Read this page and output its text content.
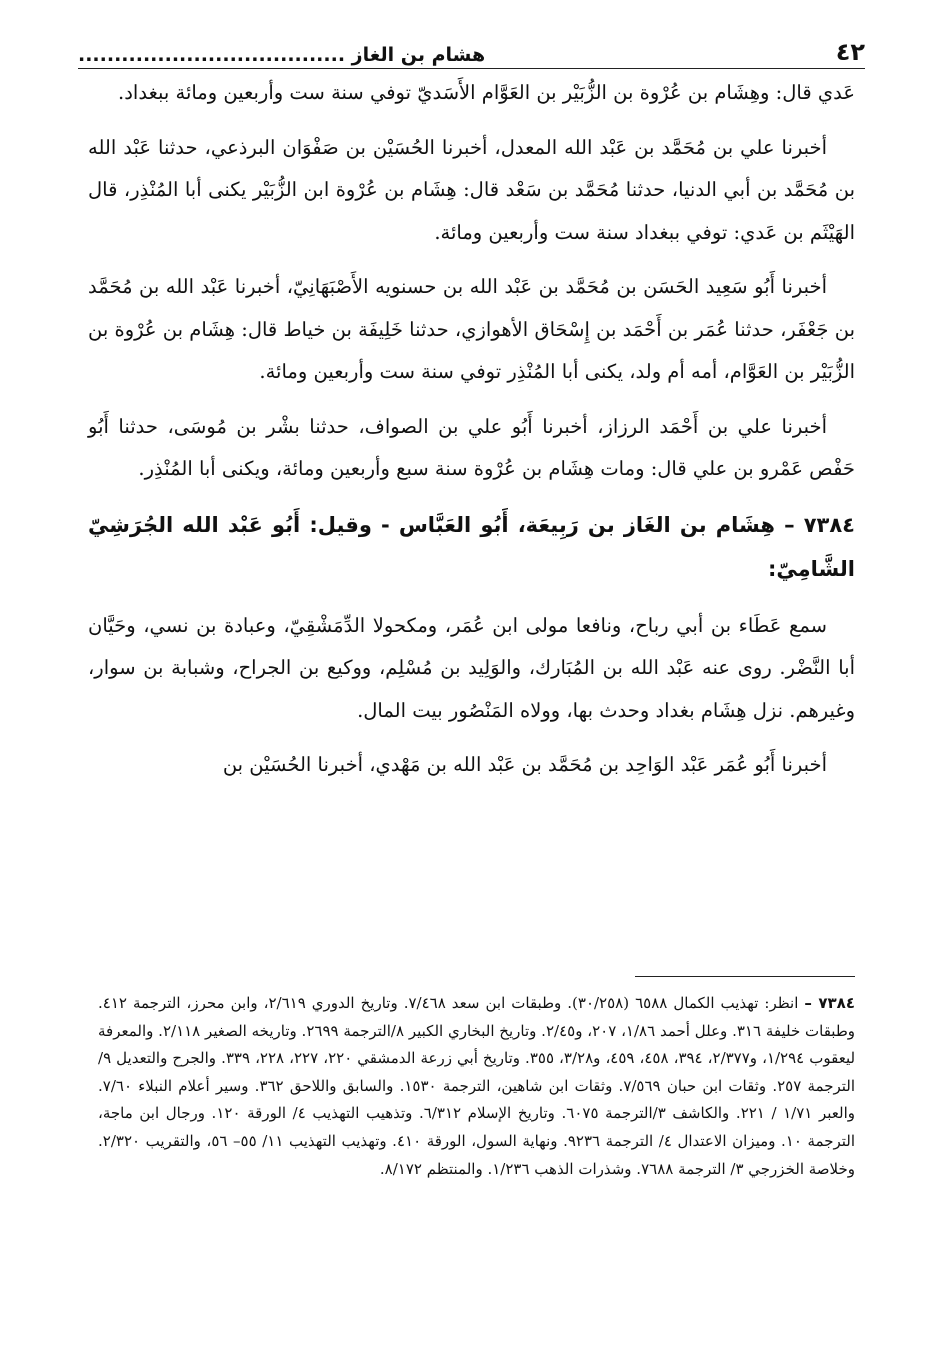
٤٢
هشام بن الغاز .....................................

عَدي قال: وهِشَام بن عُرْوة بن الزُّبَيْر بن العَوَّام الأَسَديّ توفي سنة ست وأربعين ومائة ببغداد.

أخبرنا علي بن مُحَمَّد بن عَبْد الله المعدل، أخبرنا الحُسَيْن بن صَفْوَان البرذعي، حدثنا عَبْد الله بن مُحَمَّد بن أبي الدنيا، حدثنا مُحَمَّد بن سَعْد قال: هِشَام بن عُرْوة ابن الزُّبَيْر يكنى أبا المُنْذِر، قال الهَيْثَم بن عَدي: توفي ببغداد سنة ست وأربعين ومائة.

أخبرنا أَبُو سَعِيد الحَسَن بن مُحَمَّد بن عَبْد الله بن حسنويه الأَصْبَهَانِيّ، أخبرنا عَبْد الله بن مُحَمَّد بن جَعْفَر، حدثنا عُمَر بن أَحْمَد بن إِسْحَاق الأهوازي، حدثنا خَلِيفَة بن خياط قال: هِشَام بن عُرْوة بن الزُّبَيْر بن العَوَّام، أمه أم ولد، يكنى أبا المُنْذِر توفي سنة ست وأربعين ومائة.

أخبرنا علي بن أَحْمَد الرزاز، أخبرنا أَبُو علي بن الصواف، حدثنا بشْر بن مُوسَى، حدثنا أَبُو حَفْص عَمْرو بن علي قال: ومات هِشَام بن عُرْوة سنة سبع وأربعين ومائة، ويكنى أبا المُنْذِر.

٧٣٨٤ – هِشَام بن الغَاز بن رَبِيعَة، أَبُو العَبَّاس - وقيل: أَبُو عَبْد الله الجُرَشِيّ الشَّامِيّ:

سمع عَطَاء بن أبي رباح، ونافعا مولى ابن عُمَر، ومكحولا الدِّمَشْقِيّ، وعبادة بن نسي، وحَيَّان أبا النَّضْر. روى عنه عَبْد الله بن المُبَارك، والوَلِيد بن مُسْلِم، ووكيع بن الجراح، وشبابة بن سوار، وغيرهم. نزل هِشَام بغداد وحدث بها، وولاه المَنْصُور بيت المال.

أخبرنا أَبُو عُمَر عَبْد الوَاحِد بن مُحَمَّد بن عَبْد الله بن مَهْدي، أخبرنا الحُسَيْن بن

٧٣٨٤ – انظر: تهذيب الكمال ٦٥٨٨ (٣٠/٢٥٨). وطبقات ابن سعد ٧/٤٦٨. وتاريخ الدوري ٢/٦١٩، وابن محرز، الترجمة ٤١٢. وطبقات خليفة ٣١٦. وعلل أحمد ١/٨٦، ٢٠٧، و٢/٤٥. وتاريخ البخاري الكبير ٨/الترجمة ٢٦٩٩. وتاريخه الصغير ٢/١١٨. والمعرفة ليعقوب ١/٢٩٤، و٢/٣٧٧، ٣٩٤، ٤٥٨، ٤٥٩، و٣/٢٨، ٣٥٥. وتاريخ أبي زرعة الدمشقي ٢٢٠، ٢٢٧، ٢٢٨، ٣٣٩. والجرح والتعديل ٩/ الترجمة ٢٥٧. وثقات ابن حبان ٧/٥٦٩. وثقات ابن شاهين، الترجمة ١٥٣٠. والسابق واللاحق ٣٦٢. وسير أعلام النبلاء ٧/٦٠. والعبر ١/٧١ / ٢٢١. والكاشف ٣/الترجمة ٦٠٧٥. وتاريخ الإسلام ٦/٣١٢. وتذهيب التهذيب ٤/ الورقة ١٢٠. ورجال ابن ماجة، الترجمة ١٠. وميزان الاعتدال ٤/ الترجمة ٩٢٣٦. ونهاية السول، الورقة ٤١٠. وتهذيب التهذيب ١١/ ٥٥– ٥٦، والتقريب ٢/٣٢٠. وخلاصة الخزرجي ٣/ الترجمة ٧٦٨٨. وشذرات الذهب ١/٢٣٦. والمنتظم ٨/١٧٢.
